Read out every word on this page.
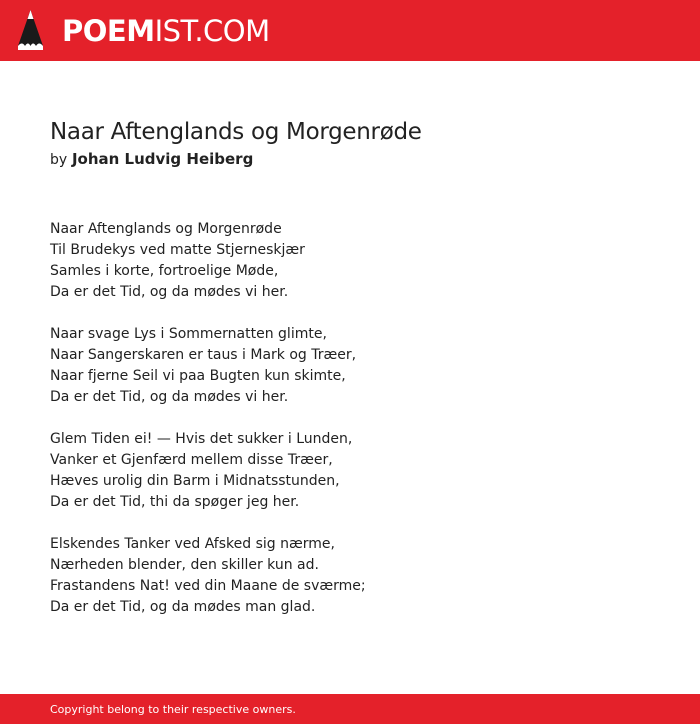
POEMIST.COM
Naar Aftenglands og Morgenrøde
by Johan Ludvig Heiberg
Naar Aftenglands og Morgenrøde
Til Brudekys ved matte Stjerneskjær
Samles i korte, fortroelige Møde,
Da er det Tid, og da mødes vi her.
Naar svage Lys i Sommernatten glimte,
Naar Sangerskaren er taus i Mark og Træer,
Naar fjerne Seil vi paa Bugten kun skimte,
Da er det Tid, og da mødes vi her.
Glem Tiden ei! — Hvis det sukker i Lunden,
Vanker et Gjenfærd mellem disse Træer,
Hæves urolig din Barm i Midnatsstunden,
Da er det Tid, thi da spøger jeg her.
Elskendes Tanker ved Afsked sig nærme,
Nærheden blender, den skiller kun ad.
Frastandens Nat! ved din Maane de sværme;
Da er det Tid, og da mødes man glad.
Copyright belong to their respective owners.
